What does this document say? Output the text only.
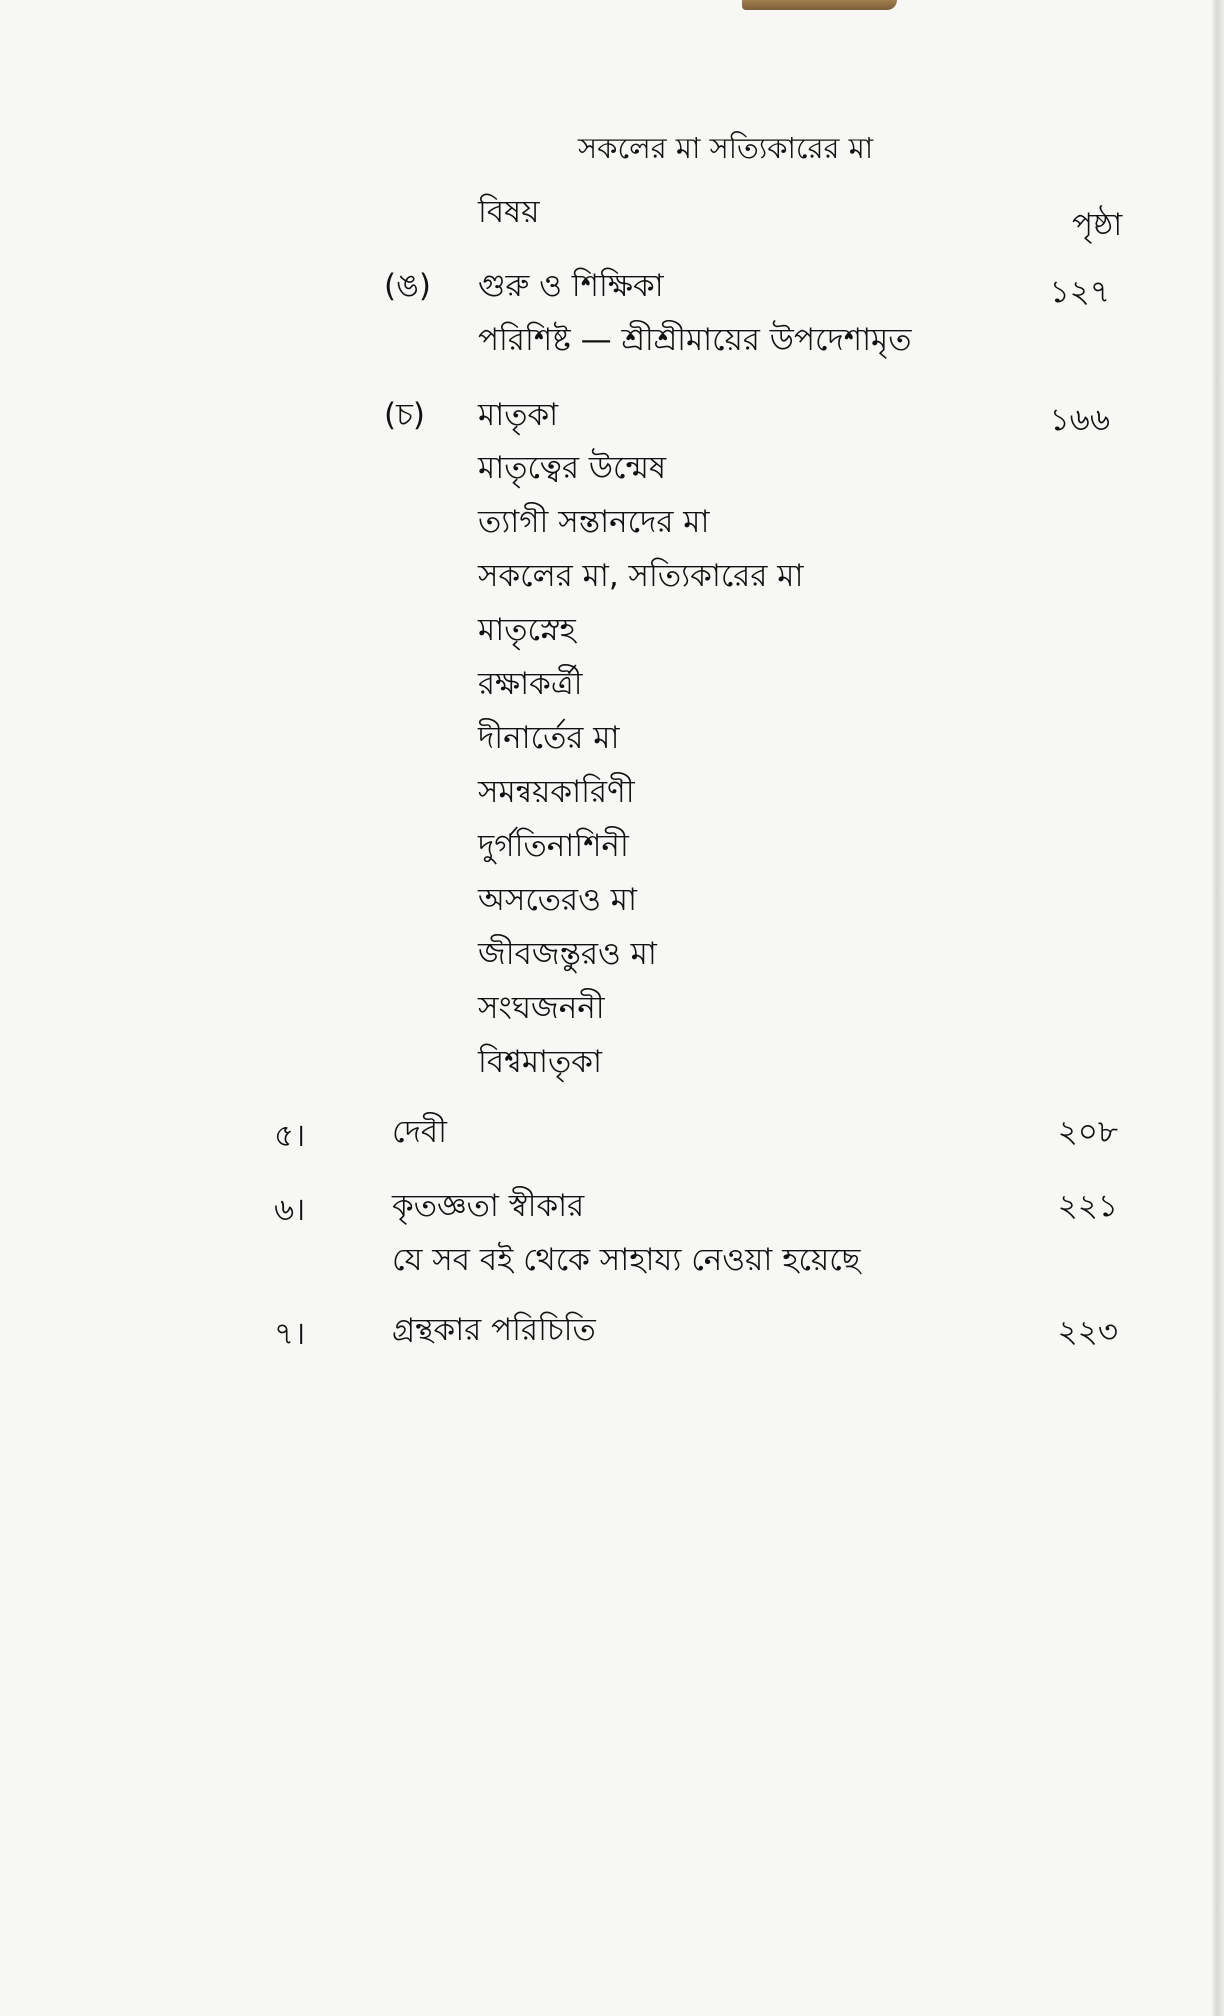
সকলের মা সত্যিকারের মা
বিষয়	পৃষ্ঠা
(ঙ) গুরু ও শিক্ষিকা	১২৭
পরিশিষ্ট — শ্রীশ্রীমায়ের উপদেশামৃত
(চ) মাতৃকা	১৬৬
মাতৃত্বের উন্মেষ
ত্যাগী সন্তানদের মা
সকলের মা, সত্যিকারের মা
মাতৃস্নেহ
রক্ষাকর্ত্রী
দীনার্তের মা
সমন্বয়কারিণী
দুর্গতিনাশিনী
অসতেরও মা
জীবজন্তুরও মা
সংঘজননী
বিশ্বমাতৃকা
৫।	দেবী	২০৮
৬।	কৃতজ্ঞতা স্বীকার	২২১
যে সব বই থেকে সাহায্য নেওয়া হয়েছে
৭।	গ্রন্থকার পরিচিতি	২২৩
